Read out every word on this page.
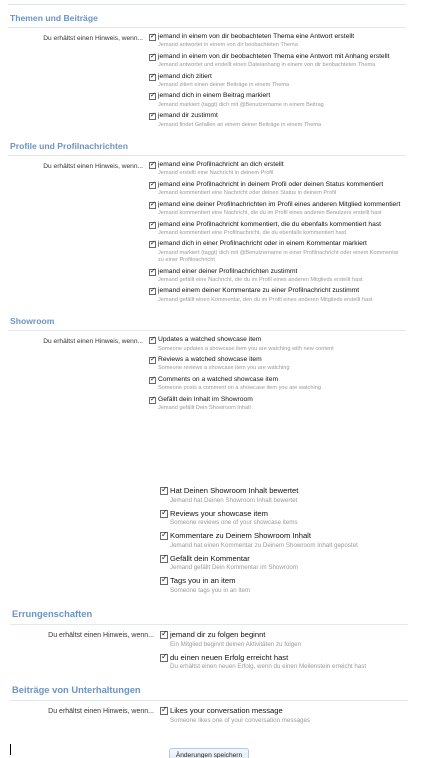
Themen und Beiträge
Du erhältst einen Hinweis, wenn... ✓	jemand in einem von dir beobachteten Thema eine Antwort erstellt
Jemand antwortet in einem von dir beobachteten Thema
✓
jemand in einem von dir beobachteten Thema eine Antwort mit Anhang erstellt
Jemand antwortet und erstellt einen Dateianhang in einem von dir beobachteten Thema
✓
jemand dich zitiert
Jemand zitiert einen deiner Beiträge in einem Thema
✓
jemand dich in einem Beitrag markiert
Jemand markiert (taggt) dich mit @Benutzername in einem Beitrag
✓
jemand dir zustimmt
Jemand findet Gefallen an einem deiner Beiträge in einem Thema
Profile und Profilnachrichten
Du erhältst einen Hinweis, wenn... ✓	jemand eine Profilnachricht an dich erstellt
Jemand erstellt eine Nachricht in deinem Profil
✓
jemand eine Profilnachricht in deinem Profil oder deinen Status kommentiert
Jemand kommentiert eine Nachricht oder deinen Status in deinem Profil
✓
jemand eine deiner Profilnachrichten im Profil eines anderen Mitglied kommentiert
Jemand kommentiert eine Nachricht, die du im Profil eines anderen Benutzers erstellt hast
✓
jemand eine Profilnachricht kommentiert, die du ebenfalls kommentiert hast
Jemand kommentiert eine Profilnachricht, die du ebenfalls kommentiert hast
✓
jemand dich in einer Profilnachricht oder in einem Kommentar markiert
Jemand markiert (taggt) dich mit @Benutzername in einer Profilnachricht oder einem Kommentar zu einer Profilnachricht
✓
jemand einer deiner Profilnachrichten zustimmt
Jemand gefällt eine Nachricht, die du im Profil eines anderen Mitglieds erstellt hast
✓
jemand einem deiner Kommentare zu einer Profilnachricht zustimmt
Jemand gefällt einen Kommentar, den du im Profil eines anderen Mitglieds erstellt hast
Showroom
Du erhältst einen Hinweis, wenn... ✓	Updates a watched showcase item
Someone updates a showcase item you are watching with new content
✓
Reviews a watched showcase item
Someone reviews a showcase item you are watching
✓
Comments on a watched showcase item
Someone posts a comment on a showcase item you are watching
✓
Gefällt dein Inhalt im Showroom
Jemand gefällt Dein Showroom Inhalt
✓
Hat Deinen Showroom Inhalt bewertet
Jemand hat Deinen Showroom Inhalt bewertet
✓
Reviews your showcase item
Someone reviews one of your showcase items
✓
Kommentare zu Deinem Showroom Inhalt
Jemand hat einen Kommentar zu Deinem Showroom Inhalt gepostet
✓
Gefällt dein Kommentar
Jemand gefällt Dein Kommentar im Showroom
✓
Tags you in an item
Someone tags you in an item
Errungenschaften
Du erhältst einen Hinweis, wenn... ✓	jemand dir zu folgen beginnt
Ein Mitglied beginnt deinen Aktivitäten zu folgen
✓
du einen neuen Erfolg erreicht hast
Du erhältst einen neuen Erfolg, wenn du einen Meilenstein erreicht hast
Beiträge von Unterhaltungen
Du erhältst einen Hinweis, wenn... ✓	Likes your conversation message
Someone likes one of your conversation messages
Änderungen speichern
